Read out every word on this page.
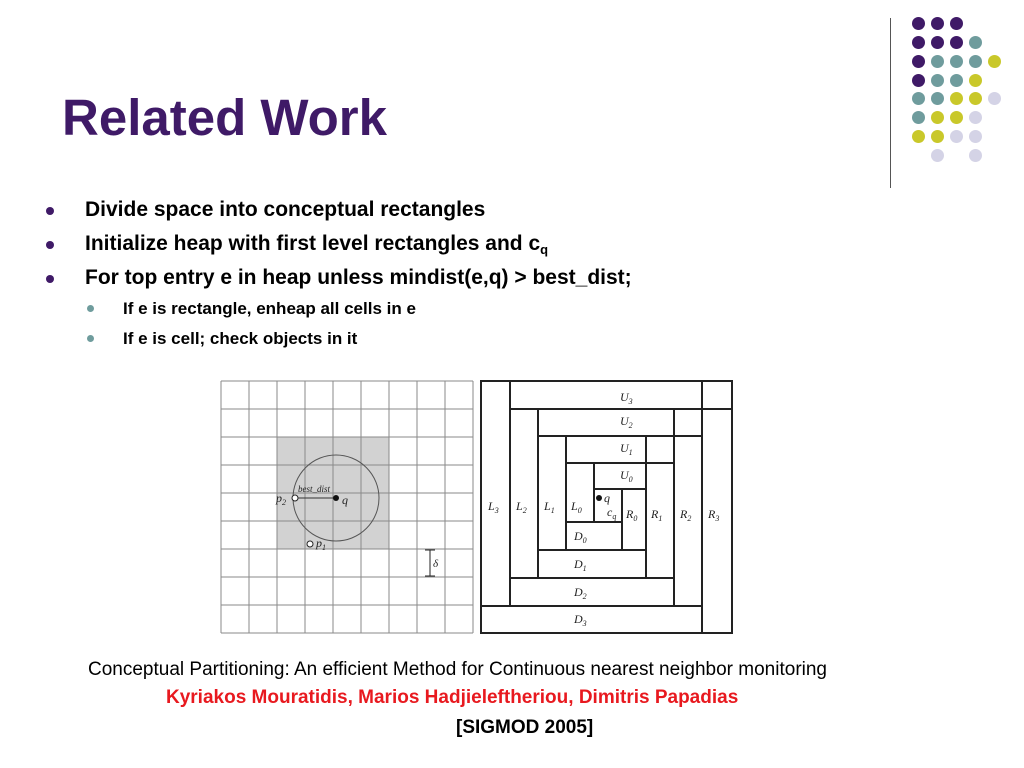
Related Work
Divide space into conceptual rectangles
Initialize heap with first level rectangles and $c_q$
For top entry e in heap unless mindist(e,q) > best_dist;
If e is rectangle, enheap all cells in e
If e is cell; check objects in it
best_dist
q
$p_2$
$p_1$
δ
$U_3$
$U_2$
$U_1$
$U_0$
$L_3$ $L_2$ $L_1$ $L_0$	$R_0$ $R_1$ $R_2$ $R_3$
$D_0$
$D_1$
$D_2$
$D_3$
q
$c_q$
Conceptual Partitioning: An efficient Method for Continuous nearest neighbor monitoring
Kyriakos Mouratidis, Marios Hadjieleftheriou, Dimitris Papadias
[SIGMOD 2005]
